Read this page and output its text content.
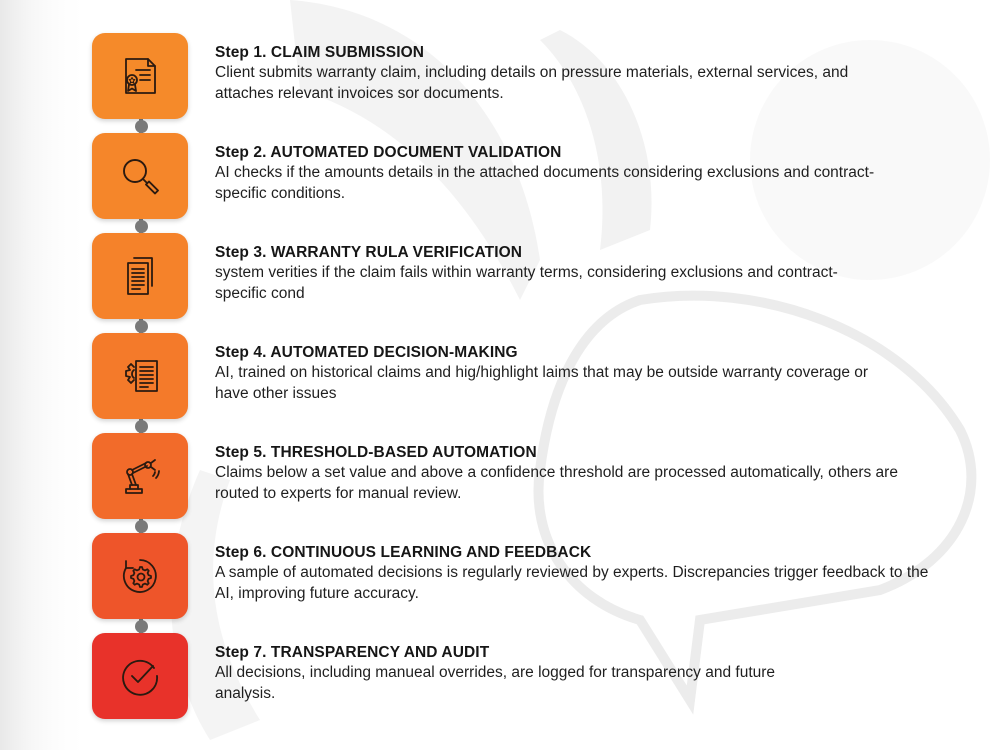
Step 1. CLAIM SUBMISSION

Client submits warranty claim, including details on pressure materials, external services, and attaches relevant invoices sor documents.

Step 2. AUTOMATED DOCUMENT VALIDATION

AI checks if the amounts details in the attached documents considering exclusions and contract-specific conditions.

Step 3. WARRANTY RULA VERIFICATION

system verities if the claim fails within warranty terms, considering exclusions and contract-specific cond

Step 4. AUTOMATED DECISION-MAKING

AI, trained on historical claims and hig/highlight laims that may be outside warranty coverage or have other issues

Step 5. THRESHOLD-BASED AUTOMATION

Claims below a set value and above a confidence threshold are processed automatically, others are routed to experts for manual review.

Step 6. CONTINUOUS LEARNING AND FEEDBACK

A sample of automated decisions is regularly reviewed by experts. Discrepancies trigger feedback to the AI, improving future accuracy.

Step 7. TRANSPARENCY AND AUDIT

All decisions, including manueal overrides, are logged for transparency and future analysis.
